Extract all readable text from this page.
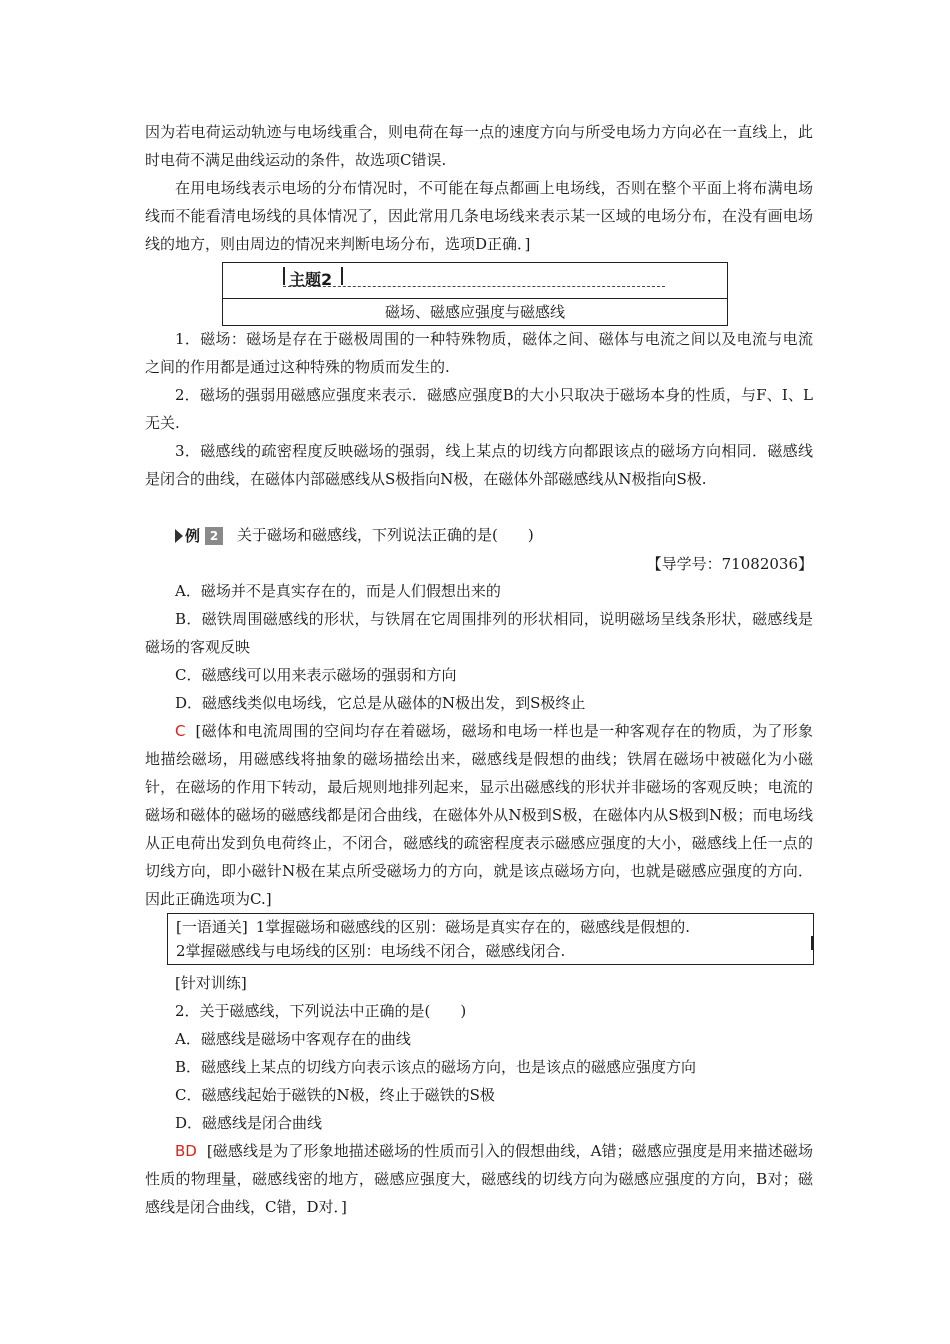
因为若电荷运动轨迹与电场线重合，则电荷在每一点的速度方向与所受电场力方向必在一直线上，此时电荷不满足曲线运动的条件，故选项C错误.
在用电场线表示电场的分布情况时，不可能在每点都画上电场线，否则在整个平面上将布满电场线而不能看清电场线的具体情况了，因此常用几条电场线来表示某一区域的电场分布，在没有画电场线的地方，则由周边的情况来判断电场分布，选项D正确．]
主题2
磁场、磁感应强度与磁感线
1．磁场：磁场是存在于磁极周围的一种特殊物质，磁体之间、磁体与电流之间以及电流与电流之间的作用都是通过这种特殊的物质而发生的.
2．磁场的强弱用磁感应强度来表示．磁感应强度B的大小只取决于磁场本身的性质，与F、I、L无关.
3．磁感线的疏密程度反映磁场的强弱，线上某点的切线方向都跟该点的磁场方向相同．磁感线是闭合的曲线，在磁体内部磁感线从S极指向N极，在磁体外部磁感线从N极指向S极.
例 2	关于磁场和磁感线，下列说法正确的是(　　)
【导学号：71082036】
A．磁场并不是真实存在的，而是人们假想出来的
B．磁铁周围磁感线的形状，与铁屑在它周围排列的形状相同，说明磁场呈线条形状，磁感线是磁场的客观反映
C．磁感线可以用来表示磁场的强弱和方向
D．磁感线类似电场线，它总是从磁体的N极出发，到S极终止
C [磁体和电流周围的空间均存在着磁场，磁场和电场一样也是一种客观存在的物质，为了形象地描绘磁场，用磁感线将抽象的磁场描绘出来，磁感线是假想的曲线；铁屑在磁场中被磁化为小磁针，在磁场的作用下转动，最后规则地排列起来，显示出磁感线的形状并非磁场的客观反映；电流的磁场和磁体的磁场的磁感线都是闭合曲线，在磁体外从N极到S极，在磁体内从S极到N极；而电场线从正电荷出发到负电荷终止，不闭合，磁感线的疏密程度表示磁感应强度的大小，磁感线上任一点的切线方向，即小磁针N极在某点所受磁场力的方向，就是该点磁场方向，也就是磁感应强度的方向．因此正确选项为C.]
[一语通关] 1掌握磁场和磁感线的区别：磁场是真实存在的，磁感线是假想的.
2掌握磁感线与电场线的区别：电场线不闭合，磁感线闭合.
[针对训练]
2．关于磁感线，下列说法中正确的是(　　)
A．磁感线是磁场中客观存在的曲线
B．磁感线上某点的切线方向表示该点的磁场方向，也是该点的磁感应强度方向
C．磁感线起始于磁铁的N极，终止于磁铁的S极
D．磁感线是闭合曲线
BD [磁感线是为了形象地描述磁场的性质而引入的假想曲线，A错；磁感应强度是用来描述磁场性质的物理量，磁感线密的地方，磁感应强度大，磁感线的切线方向为磁感应强度的方向，B对；磁感线是闭合曲线，C错，D对．]
